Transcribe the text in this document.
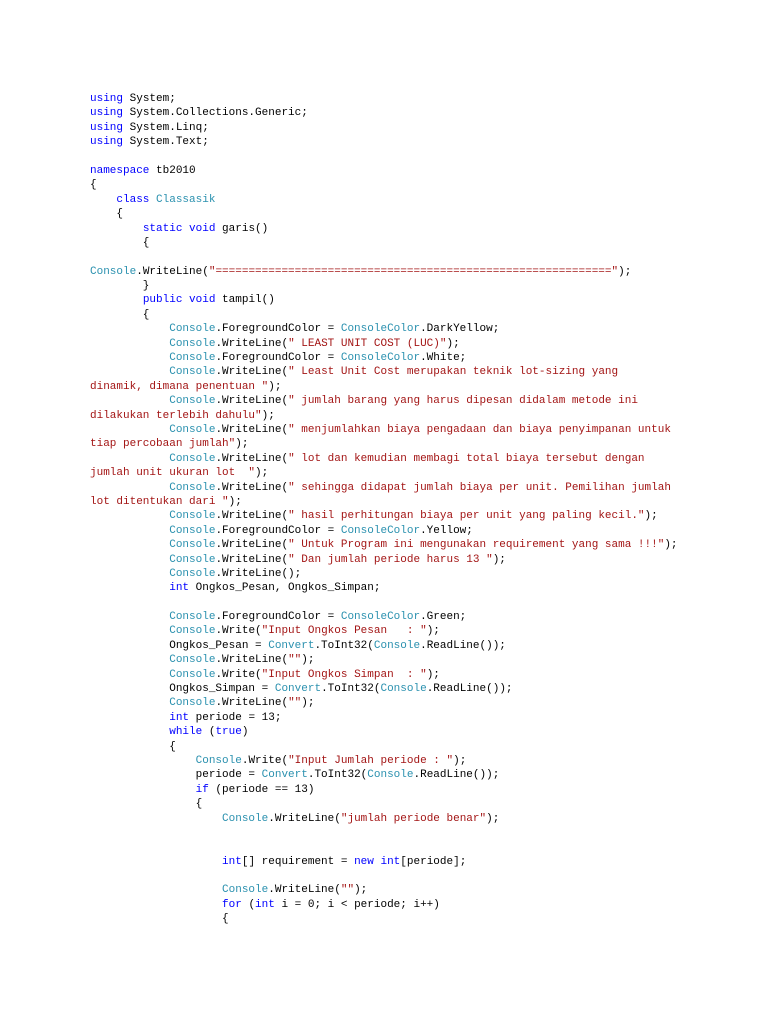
using System;
using System.Collections.Generic;
using System.Linq;
using System.Text;
namespace tb2010
{
class Classasik
{
static void garis()
{
Console.WriteLine("============================================================");
}
public void tampil()
{
Console.ForegroundColor = ConsoleColor.DarkYellow;
Console.WriteLine(" LEAST UNIT COST (LUC)");
Console.ForegroundColor = ConsoleColor.White;
Console.WriteLine(" Least Unit Cost merupakan teknik lot-sizing yang
dinamik, dimana penentuan ");
Console.WriteLine(" jumlah barang yang harus dipesan didalam metode ini
dilakukan terlebih dahulu");
Console.WriteLine(" menjumlahkan biaya pengadaan dan biaya penyimpanan untuk
tiap percobaan jumlah");
Console.WriteLine(" lot dan kemudian membagi total biaya tersebut dengan
jumlah unit ukuran lot  ");
Console.WriteLine(" sehingga didapat jumlah biaya per unit. Pemilihan jumlah
lot ditentukan dari ");
Console.WriteLine(" hasil perhitungan biaya per unit yang paling kecil.");
Console.ForegroundColor = ConsoleColor.Yellow;
Console.WriteLine(" Untuk Program ini mengunakan requirement yang sama !!!");
Console.WriteLine(" Dan jumlah periode harus 13 ");
Console.WriteLine();
int Ongkos_Pesan, Ongkos_Simpan;
Console.ForegroundColor = ConsoleColor.Green;
Console.Write("Input Ongkos Pesan   : ");
Ongkos_Pesan = Convert.ToInt32(Console.ReadLine());
Console.WriteLine("");
Console.Write("Input Ongkos Simpan  : ");
Ongkos_Simpan = Convert.ToInt32(Console.ReadLine());
Console.WriteLine("");
int periode = 13;
while (true)
{
Console.Write("Input Jumlah periode : ");
periode = Convert.ToInt32(Console.ReadLine());
if (periode == 13)
{
Console.WriteLine("jumlah periode benar");
int[] requirement = new int[periode];
Console.WriteLine("");
for (int i = 0; i < periode; i++)
{
